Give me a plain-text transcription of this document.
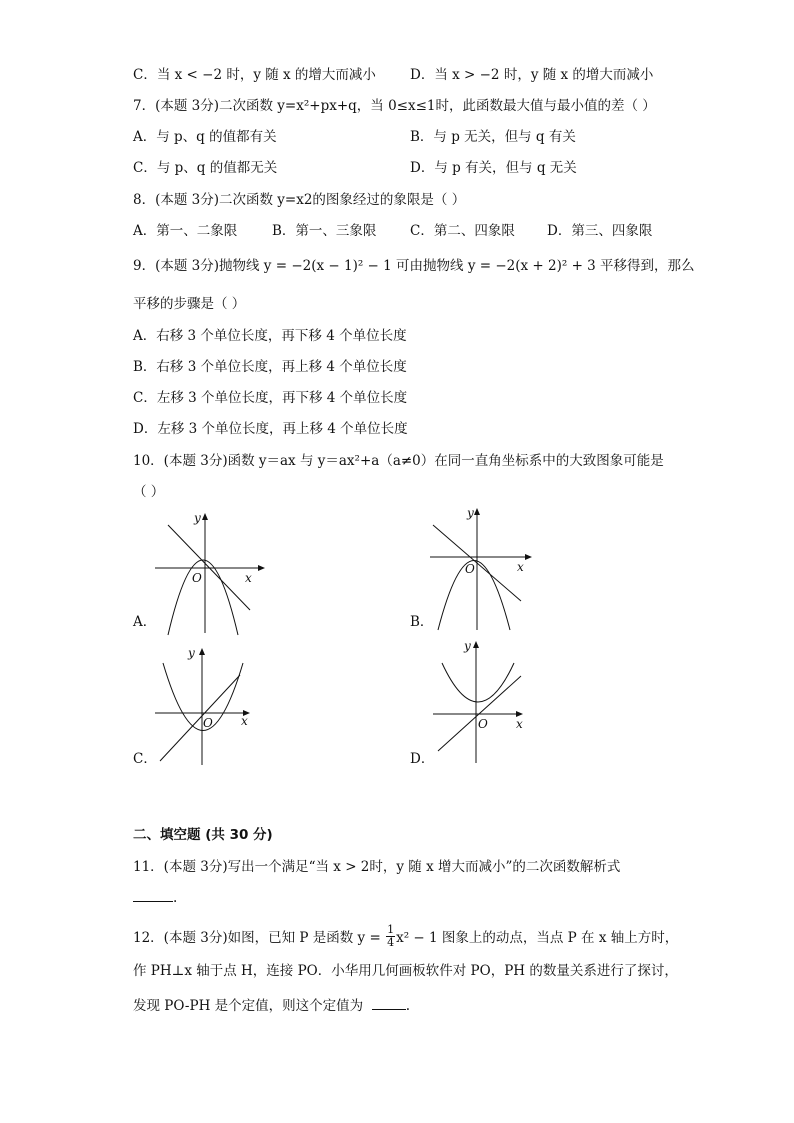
C．当 x < −2 时，y 随 x 的增大而减小	D．当 x > −2 时，y 随 x 的增大而减小
7．(本题 3分)二次函数 y=x²+px+q，当 0≤x≤1时，此函数最大值与最小值的差（ ）
A．与 p、q 的值都有关	B．与 p 无关，但与 q 有关
C．与 p、q 的值都无关	D．与 p 有关，但与 q 无关
8．(本题 3分)二次函数 y=x2的图象经过的象限是（ ）
A．第一、二象限	B．第一、三象限 C．第二、四象限 D．第三、四象限
9．(本题 3分)抛物线 y = −2(x − 1)² − 1 可由抛物线 y = −2(x + 2)² + 3 平移得到，那么
平移的步骤是（ ）
A．右移 3 个单位长度，再下移 4 个单位长度
B．右移 3 个单位长度，再上移 4 个单位长度
C．左移 3 个单位长度，再下移 4 个单位长度
D．左移 3 个单位长度，再上移 4 个单位长度
10．(本题 3分)函数 y＝ax 与 y＝ax²+a（a≠0）在同一直角坐标系中的大致图象可能是
（ ）
y
x
O
A．
y
x
O
B．
y
x
O
C．
y
x
O
D．
二、填空题 (共 30 分)
11．(本题 3分)写出一个满足“当 x > 2时，y 随 x 增大而减小”的二次函数解析式
.
12．(本题 3分)如图，已知 P 是函数 $y = \frac{1}{4} x^2 - 1$ 图象上的动点，当点 P 在 x 轴上方时，
作 PH⊥x 轴于点 H，连接 PO．小华用几何画板软件对 PO，PH 的数量关系进行了探讨，
发现 PO-PH 是个定值，则这个定值为	.
